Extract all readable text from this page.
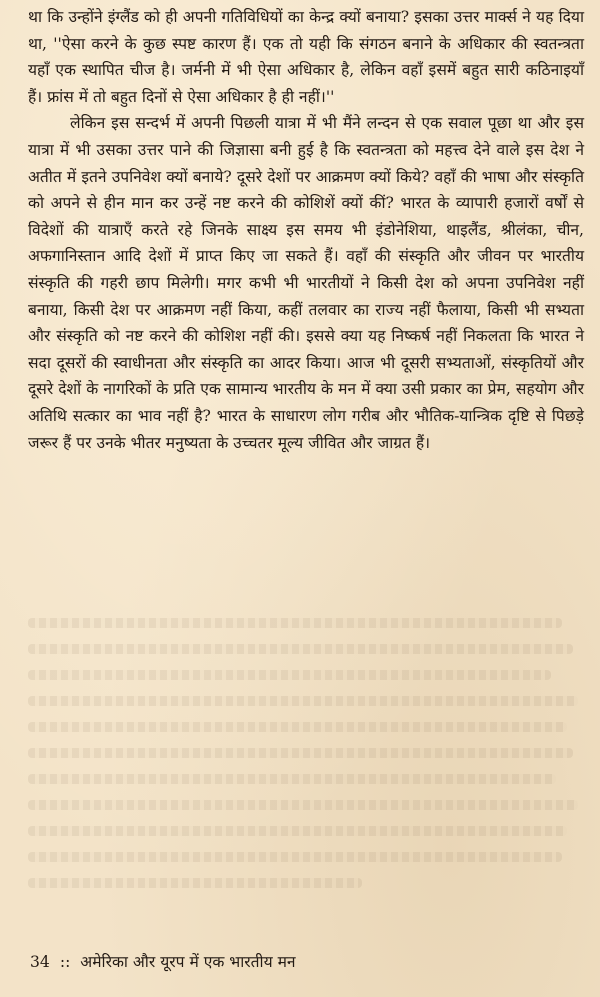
था कि उन्होंने इंग्लैंड को ही अपनी गतिविधियों का केन्द्र क्यों बनाया? इसका उत्तर मार्क्स ने यह दिया था, ''ऐसा करने के कुछ स्पष्ट कारण हैं। एक तो यही कि संगठन बनाने के अधिकार की स्वतन्त्रता यहाँ एक स्थापित चीज है। जर्मनी में भी ऐसा अधिकार है, लेकिन वहाँ इसमें बहुत सारी कठिनाइयाँ हैं। फ्रांस में तो बहुत दिनों से ऐसा अधिकार है ही नहीं।''

लेकिन इस सन्दर्भ में अपनी पिछली यात्रा में भी मैंने लन्दन से एक सवाल पूछा था और इस यात्रा में भी उसका उत्तर पाने की जिज्ञासा बनी हुई है कि स्वतन्त्रता को महत्त्व देने वाले इस देश ने अतीत में इतने उपनिवेश क्यों बनाये? दूसरे देशों पर आक्रमण क्यों किये? वहाँ की भाषा और संस्कृति को अपने से हीन मान कर उन्हें नष्ट करने की कोशिशें क्यों कीं? भारत के व्यापारी हजारों वर्षों से विदेशों की यात्राएँ करते रहे जिनके साक्ष्य इस समय भी इंडोनेशिया, थाइलैंड, श्रीलंका, चीन, अफगानिस्तान आदि देशों में प्राप्त किए जा सकते हैं। वहाँ की संस्कृति और जीवन पर भारतीय संस्कृति की गहरी छाप मिलेगी। मगर कभी भी भारतीयों ने किसी देश को अपना उपनिवेश नहीं बनाया, किसी देश पर आक्रमण नहीं किया, कहीं तलवार का राज्य नहीं फैलाया, किसी भी सभ्यता और संस्कृति को नष्ट करने की कोशिश नहीं की। इससे क्या यह निष्कर्ष नहीं निकलता कि भारत ने सदा दूसरों की स्वाधीनता और संस्कृति का आदर किया। आज भी दूसरी सभ्यताओं, संस्कृतियों और दूसरे देशों के नागरिकों के प्रति एक सामान्य भारतीय के मन में क्या उसी प्रकार का प्रेम, सहयोग और अतिथि सत्कार का भाव नहीं है? भारत के साधारण लोग गरीब और भौतिक-यान्त्रिक दृष्टि से पिछड़े जरूर हैं पर उनके भीतर मनुष्यता के उच्चतर मूल्य जीवित और जाग्रत हैं।

34 :: अमेरिका और यूरप में एक भारतीय मन
